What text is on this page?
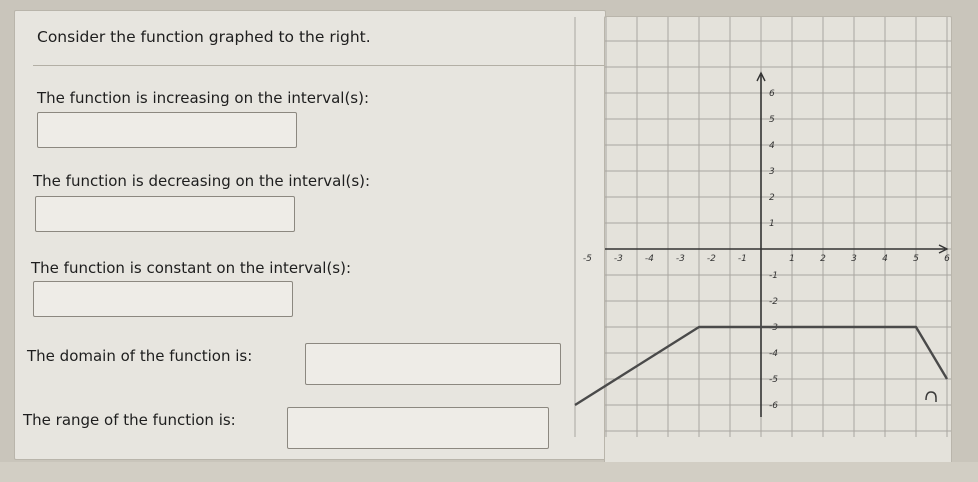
Consider the function graphed to the right.
The function is increasing on the interval(s):
The function is decreasing on the interval(s):
The function is constant on the interval(s):
The domain of the function is:
The range of the function is:
-5 -3 -4 -3 -2 -1	1	2	3	4	5	6
6
5
4
3
2
1
-1
-2
-3
-4
-5
-6
